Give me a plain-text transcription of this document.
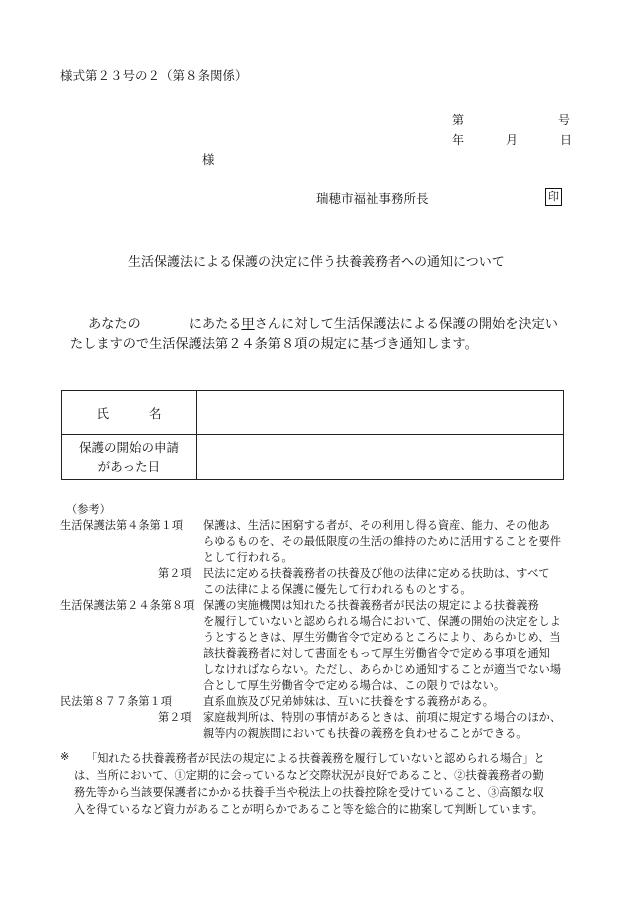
様式第２３号の２（第８条関係）
第	号
年	月	日
様
瑞穂市福祉事務所長	印
生活保護法による保護の決定に伴う扶養義務者への通知について
あなたの	にあたる甲さんに対して生活保護法による保護の開始を決定い
たしますので生活保護法第２４条第８項の規定に基づき通知します。
氏 名	

保護の開始の申請
があった日	

（参考）
生活保護法第４条第１項 保護は、生活に困窮する者が、その利用し得る資産、能力、その他あ
らゆるものを、その最低限度の生活の維持のために活用することを要件
として行われる。
第２項 民法に定める扶養義務者の扶養及び他の法律に定める扶助は、すべて
この法律による保護に優先して行われるものとする。
生活保護法第２４条第８項 保護の実施機関は知れたる扶養義務者が民法の規定による扶養義務
を履行していないと認められる場合において、保護の開始の決定をしよ
うとするときは、厚生労働省令で定めるところにより、あらかじめ、当
該扶養義務者に対して書面をもって厚生労働省令で定める事項を通知
しなければならない。ただし、あらかじめ通知することが適当でない場
合として厚生労働省令で定める場合は、この限りではない。
民法第８７７条第１項	直系血族及び兄弟姉妹は、互いに扶養をする義務がある。
第２項 家庭裁判所は、特別の事情があるときは、前項に規定する場合のほか、
親等内の親族間においても扶養の義務を負わせることができる。
※ 「知れたる扶養義務者が民法の規定による扶養義務を履行していないと認められる場合」と
は、当所において、①定期的に会っているなど交際状況が良好であること、②扶養義務者の勤
務先等から当該要保護者にかかる扶養手当や税法上の扶養控除を受けていること、③高額な収
入を得ているなど資力があることが明らかであること等を総合的に勘案して判断しています。
